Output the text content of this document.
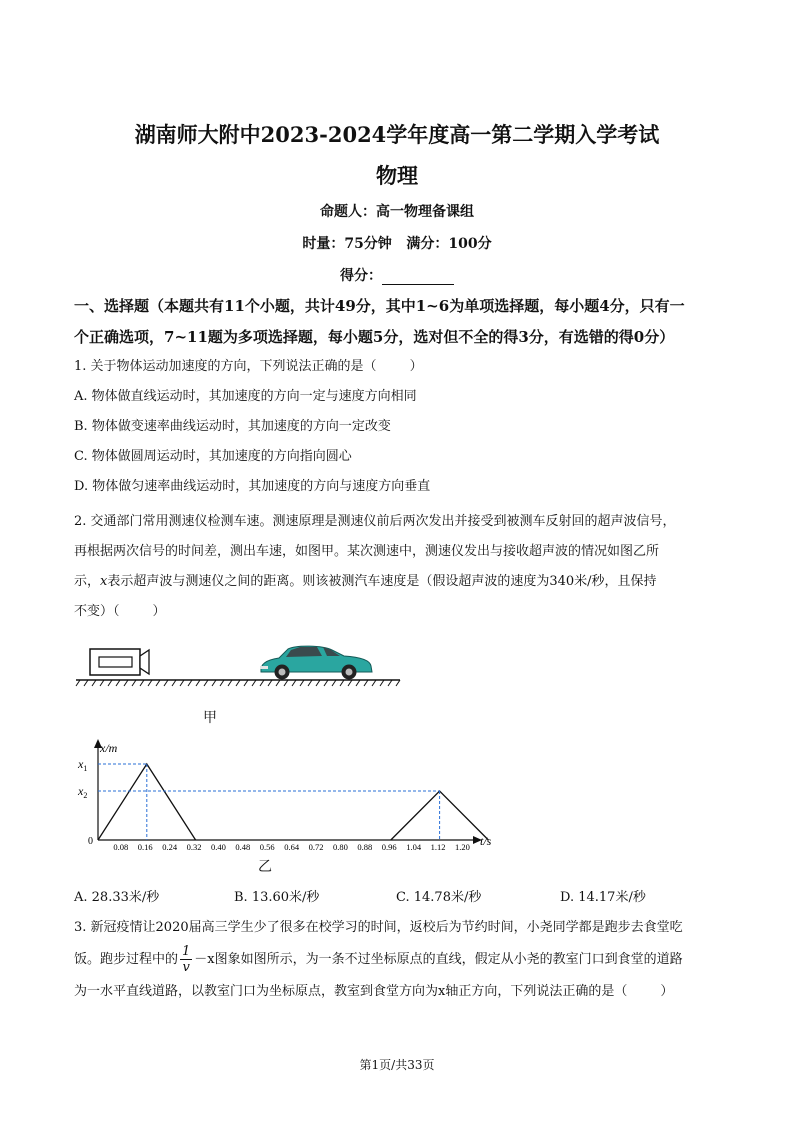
湖南师大附中2023-2024学年度高一第二学期入学考试
物理
命题人：高一物理备课组
时量：75分钟   满分：100分
得分：
一、选择题（本题共有11个小题，共计49分，其中1~6为单项选择题，每小题4分，只有一
个正确选项，7~11题为多项选择题，每小题5分，选对但不全的得3分，有选错的得0分）
1. 关于物体运动加速度的方向，下列说法正确的是（        ）
A. 物体做直线运动时，其加速度的方向一定与速度方向相同
B. 物体做变速率曲线运动时，其加速度的方向一定改变
C. 物体做圆周运动时，其加速度的方向指向圆心
D. 物体做匀速率曲线运动时，其加速度的方向与速度方向垂直
2. 交通部门常用测速仪检测车速。测速原理是测速仪前后两次发出并接受到被测车反射回的超声波信号，
再根据两次信号的时间差，测出车速，如图甲。某次测速中，测速仪发出与接收超声波的情况如图乙所
示，x表示超声波与测速仪之间的距离。则该被测汽车速度是（假设超声波的速度为340米/秒，且保持
不变）（        ）
甲
x/m
t/s
0 0.08 0.16 0.24 0.32 0.40 0.48 0.56 0.64 0.72 0.80 0.88 0.96 1.04 1.12 1.20
$x_1$
$x_2$
乙
A. 28.33米/秒	B. 13.60米/秒	C. 14.78米/秒	D. 14.17米/秒
3. 新冠疫情让2020届高三学生少了很多在校学习的时间，返校后为节约时间，小尧同学都是跑步去食堂吃
饭。跑步过程中的 $\frac{1}{v} -x$图象如图所示，为一条不过坐标原点的直线，假定从小尧的教室门口到食堂的道路
为一水平直线道路，以教室门口为坐标原点，教室到食堂方向为x轴正方向，下列说法正确的是（        ）
第1页/共33页
